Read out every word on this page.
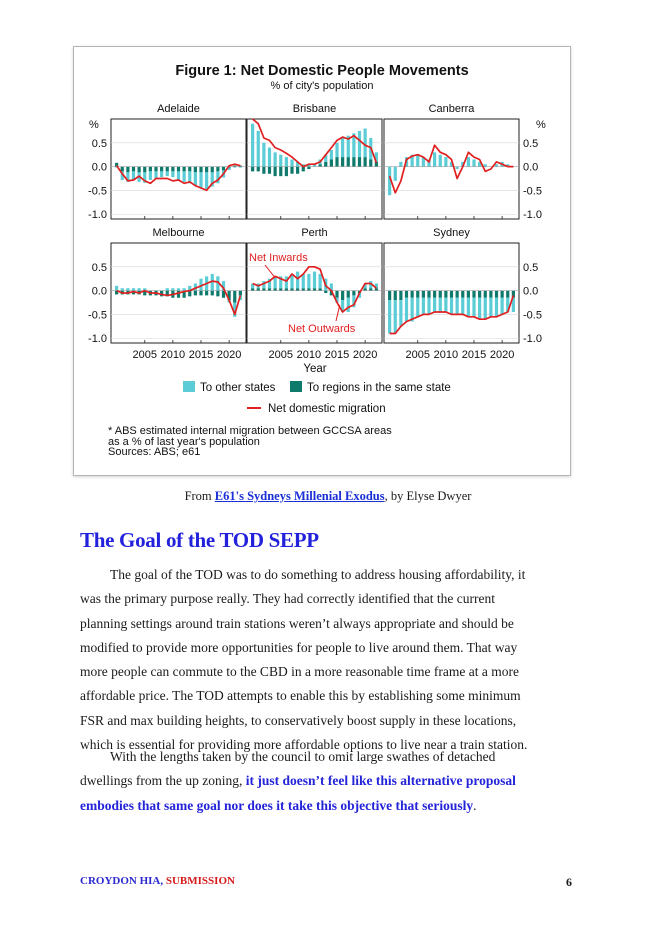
Figure 1: Net Domestic People Movements
% of city's population
Adelaide
0.5
0.0
-0.5
-1.0
Brisbane	Canberra
0.5
0.0
-0.5
-1.0
Melbourne
0.5
0.0
-0.5
-1.0
2005 2010 2015 2020
Perth
2005 2010 2015 2020
Sydney
0.5
0.0
-0.5
-1.0
2005 2010 2015 2020
%	%
Year
Net Inwards
Net Outwards
To other states	To regions in the same state
Net domestic migration
* ABS estimated internal migration between GCCSA areas
as a % of last year's population
Sources: ABS; e61
From E61's Sydneys Millenial Exodus, by Elyse Dwyer
The Goal of the TOD SEPP
The goal of the TOD was to do something to address housing affordability, it
was the primary purpose really. They had correctly identified that the current
planning settings around train stations weren’t always appropriate and should be
modified to provide more opportunities for people to live around them. That way
more people can commute to the CBD in a more reasonable time frame at a more
affordable price. The TOD attempts to enable this by establishing some minimum
FSR and max building heights, to conservatively boost supply in these locations,
which is essential for providing more affordable options to live near a train station.
With the lengths taken by the council to omit large swathes of detached
dwellings from the up zoning, it just doesn’t feel like this alternative proposal
embodies that same goal nor does it take this objective that seriously.
CROYDON HIA, SUBMISSION	6
